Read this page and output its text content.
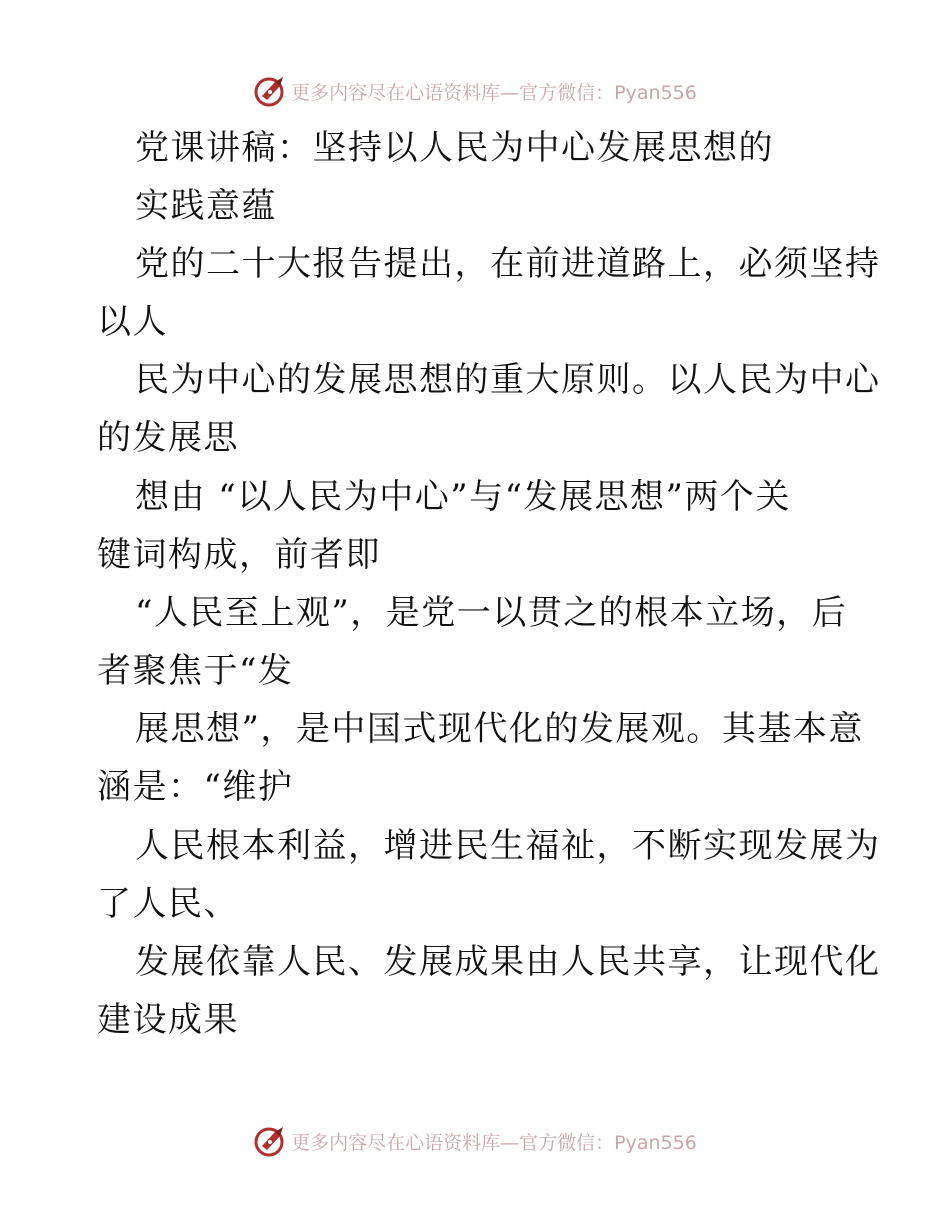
更多内容尽在心语资料库—官方微信：Pyan556
党课讲稿：坚持以人民为中心发展思想的
实践意蕴
党的二十大报告提出，在前进道路上，必须坚持
以人
民为中心的发展思想的重大原则。以人民为中心
的发展思
想由 “以人民为中心”与“发展思想”两个关
键词构成，前者即
“人民至上观”，是党一以贯之的根本立场，后
者聚焦于“发
展思想”，是中国式现代化的发展观。其基本意
涵是：“维护
人民根本利益，增进民生福祉，不断实现发展为
了人民、
发展依靠人民、发展成果由人民共享，让现代化
建设成果
更多内容尽在心语资料库—官方微信：Pyan556
